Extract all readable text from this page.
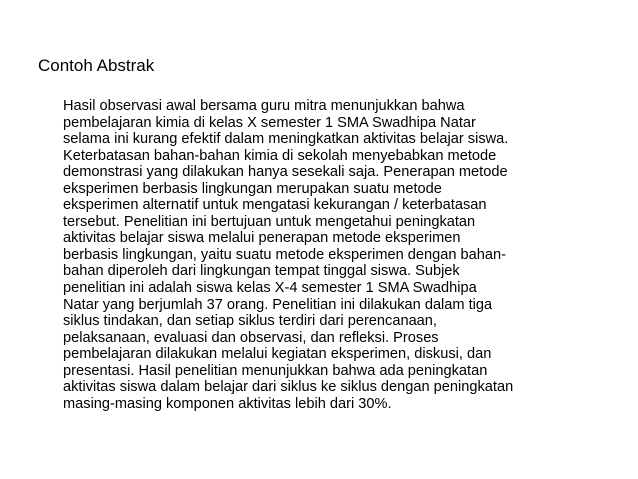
Contoh Abstrak
Hasil observasi awal bersama guru mitra menunjukkan bahwa
pembelajaran kimia di kelas X semester 1 SMA Swadhipa Natar
selama ini kurang efektif dalam meningkatkan aktivitas belajar siswa.
Keterbatasan bahan-bahan kimia di sekolah menyebabkan metode
demonstrasi yang dilakukan hanya sesekali saja. Penerapan metode
eksperimen berbasis lingkungan merupakan suatu metode
eksperimen alternatif untuk mengatasi kekurangan / keterbatasan
tersebut. Penelitian ini bertujuan untuk mengetahui peningkatan
aktivitas belajar siswa melalui penerapan metode eksperimen
berbasis lingkungan, yaitu suatu metode eksperimen dengan bahan-
bahan diperoleh dari lingkungan tempat tinggal siswa. Subjek
penelitian ini adalah siswa kelas X-4 semester 1 SMA Swadhipa
Natar yang berjumlah 37 orang. Penelitian ini dilakukan dalam tiga
siklus tindakan, dan setiap siklus terdiri dari perencanaan,
pelaksanaan, evaluasi dan observasi, dan refleksi. Proses
pembelajaran dilakukan melalui kegiatan eksperimen, diskusi, dan
presentasi. Hasil penelitian menunjukkan bahwa ada peningkatan
aktivitas siswa dalam belajar dari siklus ke siklus dengan peningkatan
masing-masing komponen aktivitas lebih dari 30%.
